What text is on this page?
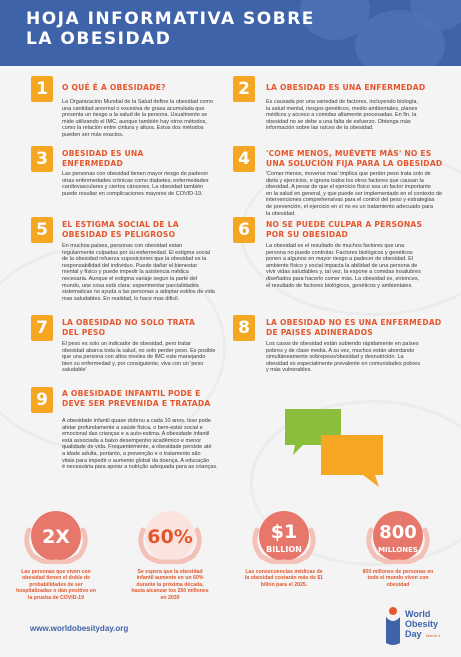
HOJA INFORMATIVA SOBRE
LA OBESIDAD
1	O QUÉ É A OBESIDADE?
La Organización Mundial de la Salud define la obesidad como
una cantidad anormal o excesiva de grasa acumulada que
presenta un riesgo a la salud de la persona. Usualmente se
mide utilizando el IMC, aunque también hay otros métodos,
como la relación entre cintura y altura. Estos dos métodos
pueden ser más exactos.
2	LA OBESIDAD ES UNA ENFERMEDAD
Es causada por una variedad de factores, incluyendo biología,
la salud mental, riesgos genéticos, medio ambientales, planes
médicos y acceso a comidas altamente procesadas. En fin, la
obesidad no se debe a una falta de esfuerzo. Obtenga más
información sobre las raíces de la obesidad.
3	OBESIDAD ES UNA
ENFERMEDAD
Las personas con obesidad tienen mayor riesgo de padecer
otras enfermedades crónicas como diabetes, enfermedades
cardiovasculares y ciertos cánceres. La obesidad también
puede resultar en complicaciones mayores de COVID-19.
4	'COME MENOS, MUÉVETE MÁS' NO ES
UNA SOLUCIÓN FIJA PARA LA OBESIDAD
'Comer menos, moverse mas' implica que perder peso trata solo de
dieta y ejercicios, e ignora todos los otros factores que causan la
obesidad. A pesar de que el ejercicio físico sea un factor importante
en la salud en general, y que puede ser implementado en el contexto de
intervenciones comprehensivas para el control del peso y estrategias
de prevención, el ejercicio en sí no es un tratamiento adecuado para
la obesidad.
5	EL ESTIGMA SOCIAL DE LA
OBESIDAD ES PELIGROSO
En muchos países, personas con obesidad estan
regularmente culpadas por su enfermedad. El estigma social
de la obesidad refuerza suposiciones que la obesidad es la
responsabilidad del individuo. Puede dañar el bienestar
mental y físico y puede impedir la asistencia médica
necesaria. Aunque el estigma variaje segun la parte del
mundo, une cosa está clara: experimentar parcialidades
sistematicas no ayuda a las personas a adoptar estilos de vida
mas saludables. En realidad, lo hace mas dificil.
6	NO SE PUEDE CULPAR A PERSONAS
POR SU OBESIDAD
La obesidad es el resultado de muchos factores que una
persona no puede controlar. Factores biológicos y genéticos
ponen a algunos en mayor riesgo a padecer de obesidad. El
ambiente físico y social impacta la abilidad de una persona de
vivir vidas saludables y, tal vez, la expone a comidas insalubres
diseñados para hacerlo comer más. La obesidad es, entonces,
el resultado de factores biológicos, genéticos y ambientales.
7	LA OBESIDAD NO SOLO TRATA
DEL PESO
El peso es solo un indicador de obesidad, pero tratar
obesidad abarca toda la salud, no solo perder peso. Es posible
que una persona con altos niveles de IMC este manejando
bien su enfermedad y, por consiguiente, viva con un 'peso
saludable'
8	LA OBESIDAD NO ES UNA ENFERMEDAD
DE PAISES ADINERADOS
Los casos de obesidad están subiendo rápidamente en países
pobres y de clase media. A su vez, muchos están abordando
simultáneamente sobrepeso/obesidad y desnutrición. La
obesidad es especialmente prevalente en comunidades pobres
y más vulnerables.
9	A OBESIDADE INFANTIL PODE E
DEVE SER PREVENIDA E TRATADA
A obesidade infantil quase dobrou a cada 10 anos. Isso pode
afetar profundamente a saúde física, o bem-estar social e
emocional das crianças e a auto-estima. A obesidade infantil
está associada a baixo desempenho acadêmico e menor
qualidade de vida. Frequentemente, a obesidade persiste até
a idade adulta, portanto, a prevenção e o tratamento são
vitais para impedir o aumento global da doença. A educação
é necessária para apoiar a nutrição adequada para as crianças.
2X
Las personas que viven con
obesidad tienen el doble de
probabilidades de ser
hospitalizadas o dan positivo en
la prueba de COVID-19
60%
Se espera que la obesidad
infantil aumente en un 60%
durante la próxima década,
hasta alcanzar los 250 millones
en 2030
$1
BILLION
Las consecuencias médicas de
la obesidad costarán más de $1
billón para el 2025.
800
MILLONES
800 millones de personas en
todo el mundo viven con
obesidad
www.worldobesityday.org
World
Obesity
Day March 4
